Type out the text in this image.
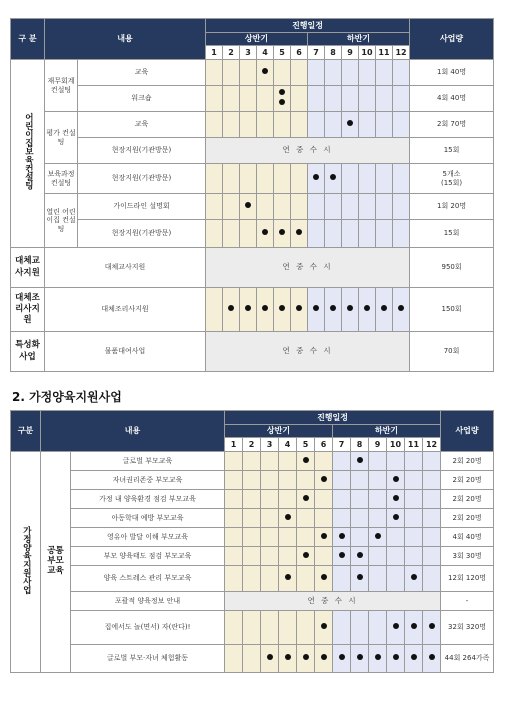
구 분	내용		진행일정												사업량
			상반기						하반기						
			1	2	3	4	5	6	7	8	9	10	11	12	
어린이집보육컨설팅	재무회계 컨설팅	교육													1회 40명
		워크숍													4회 40명
	평가 컨설팅	교육													2회 70명
		현장지원(기관방문)	연 중 수 시												15회
	보육과정 컨설팅	현장지원(기관방문)													5개소
(15회)
	열린 어린이집 컨설팅	가이드라인 설명회													1회 20명
		현장지원(기관방문)													15회
대체교사지원	대체교사지원		연 중 수 시												950회
대체조리사지원	대체조리사지원														150회
특성화사업	물품대여사업		연 중 수 시												70회
2. 가정양육지원사업
구분	내용		진행일정												사업량
			상반기						하반기						
			1	2	3	4	5	6	7	8	9	10	11	12	
가정양육지원사업	공통부모교육	글로벌 부모교육													2회 20명
		자녀권리존중 부모교육													2회 20명
		가정 내 양육환경 점검 부모교육													2회 20명
		아동학대 예방 부모교육													2회 20명
		영유아 발달 이해 부모교육													4회 40명
		부모 양육태도 점검 부모교육													3회 30명
		양육 스트레스 관리 부모교육													12회 120명
		포괄적 양육정보 안내	연 중 수 시												-
		집에서도 놀(면서) 자(란다)!													32회 320명
		글로벌 부모·자녀 체험활동													44회 264가족
